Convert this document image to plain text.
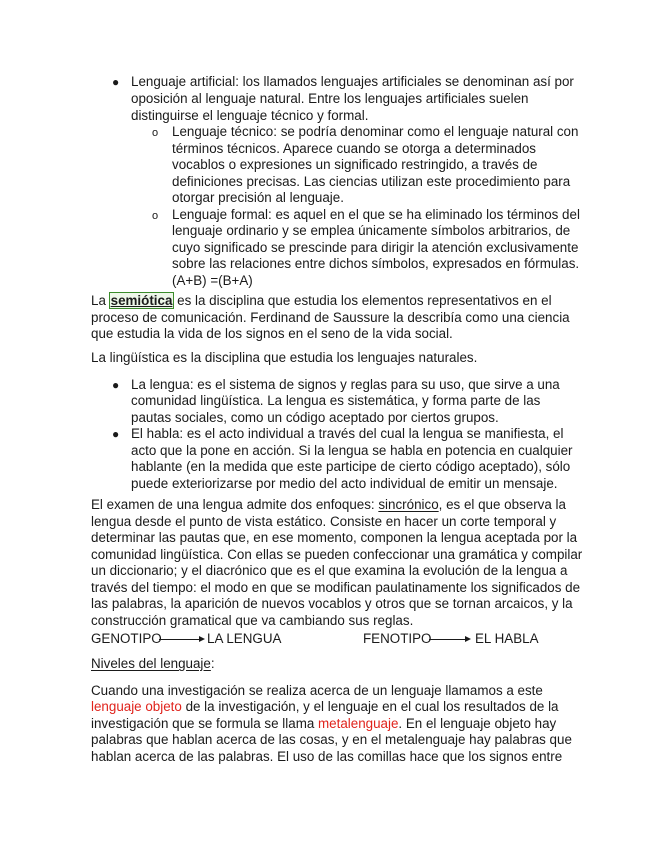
● Lenguaje artificial: los llamados lenguajes artificiales se denominan así por
oposición al lenguaje natural. Entre los lenguajes artificiales suelen
distinguirse el lenguaje técnico y formal.
o Lenguaje técnico: se podría denominar como el lenguaje natural con
términos técnicos. Aparece cuando se otorga a determinados
vocablos o expresiones un significado restringido, a través de
definiciones precisas. Las ciencias utilizan este procedimiento para
otorgar precisión al lenguaje.
o Lenguaje formal: es aquel en el que se ha eliminado los términos del
lenguaje ordinario y se emplea únicamente símbolos arbitrarios, de
cuyo significado se prescinde para dirigir la atención exclusivamente
sobre las relaciones entre dichos símbolos, expresados en fórmulas.
(A+B) =(B+A)
La semiótica es la disciplina que estudia los elementos representativos en el
proceso de comunicación. Ferdinand de Saussure la describía como una ciencia
que estudia la vida de los signos en el seno de la vida social.
La lingüística es la disciplina que estudia los lenguajes naturales.
● La lengua: es el sistema de signos y reglas para su uso, que sirve a una
comunidad lingüística. La lengua es sistemática, y forma parte de las
pautas sociales, como un código aceptado por ciertos grupos.
● El habla: es el acto individual a través del cual la lengua se manifiesta, el
acto que la pone en acción. Si la lengua se habla en potencia en cualquier
hablante (en la medida que este participe de cierto código aceptado), sólo
puede exteriorizarse por medio del acto individual de emitir un mensaje.
El examen de una lengua admite dos enfoques: sincrónico, es el que observa la
lengua desde el punto de vista estático. Consiste en hacer un corte temporal y
determinar las pautas que, en ese momento, componen la lengua aceptada por la
comunidad lingüística. Con ellas se pueden confeccionar una gramática y compilar
un diccionario; y el diacrónico que es el que examina la evolución de la lengua a
través del tiempo: el modo en que se modifican paulatinamente los significados de
las palabras, la aparición de nuevos vocablos y otros que se tornan arcaicos, y la
construcción gramatical que va cambiando sus reglas.
GENOTIPO	LA LENGUA	FENOTIPO	EL HABLA
Niveles del lenguaje:
Cuando una investigación se realiza acerca de un lenguaje llamamos a este
lenguaje objeto de la investigación, y el lenguaje en el cual los resultados de la
investigación que se formula se llama metalenguaje. En el lenguaje objeto hay
palabras que hablan acerca de las cosas, y en el metalenguaje hay palabras que
hablan acerca de las palabras. El uso de las comillas hace que los signos entre
